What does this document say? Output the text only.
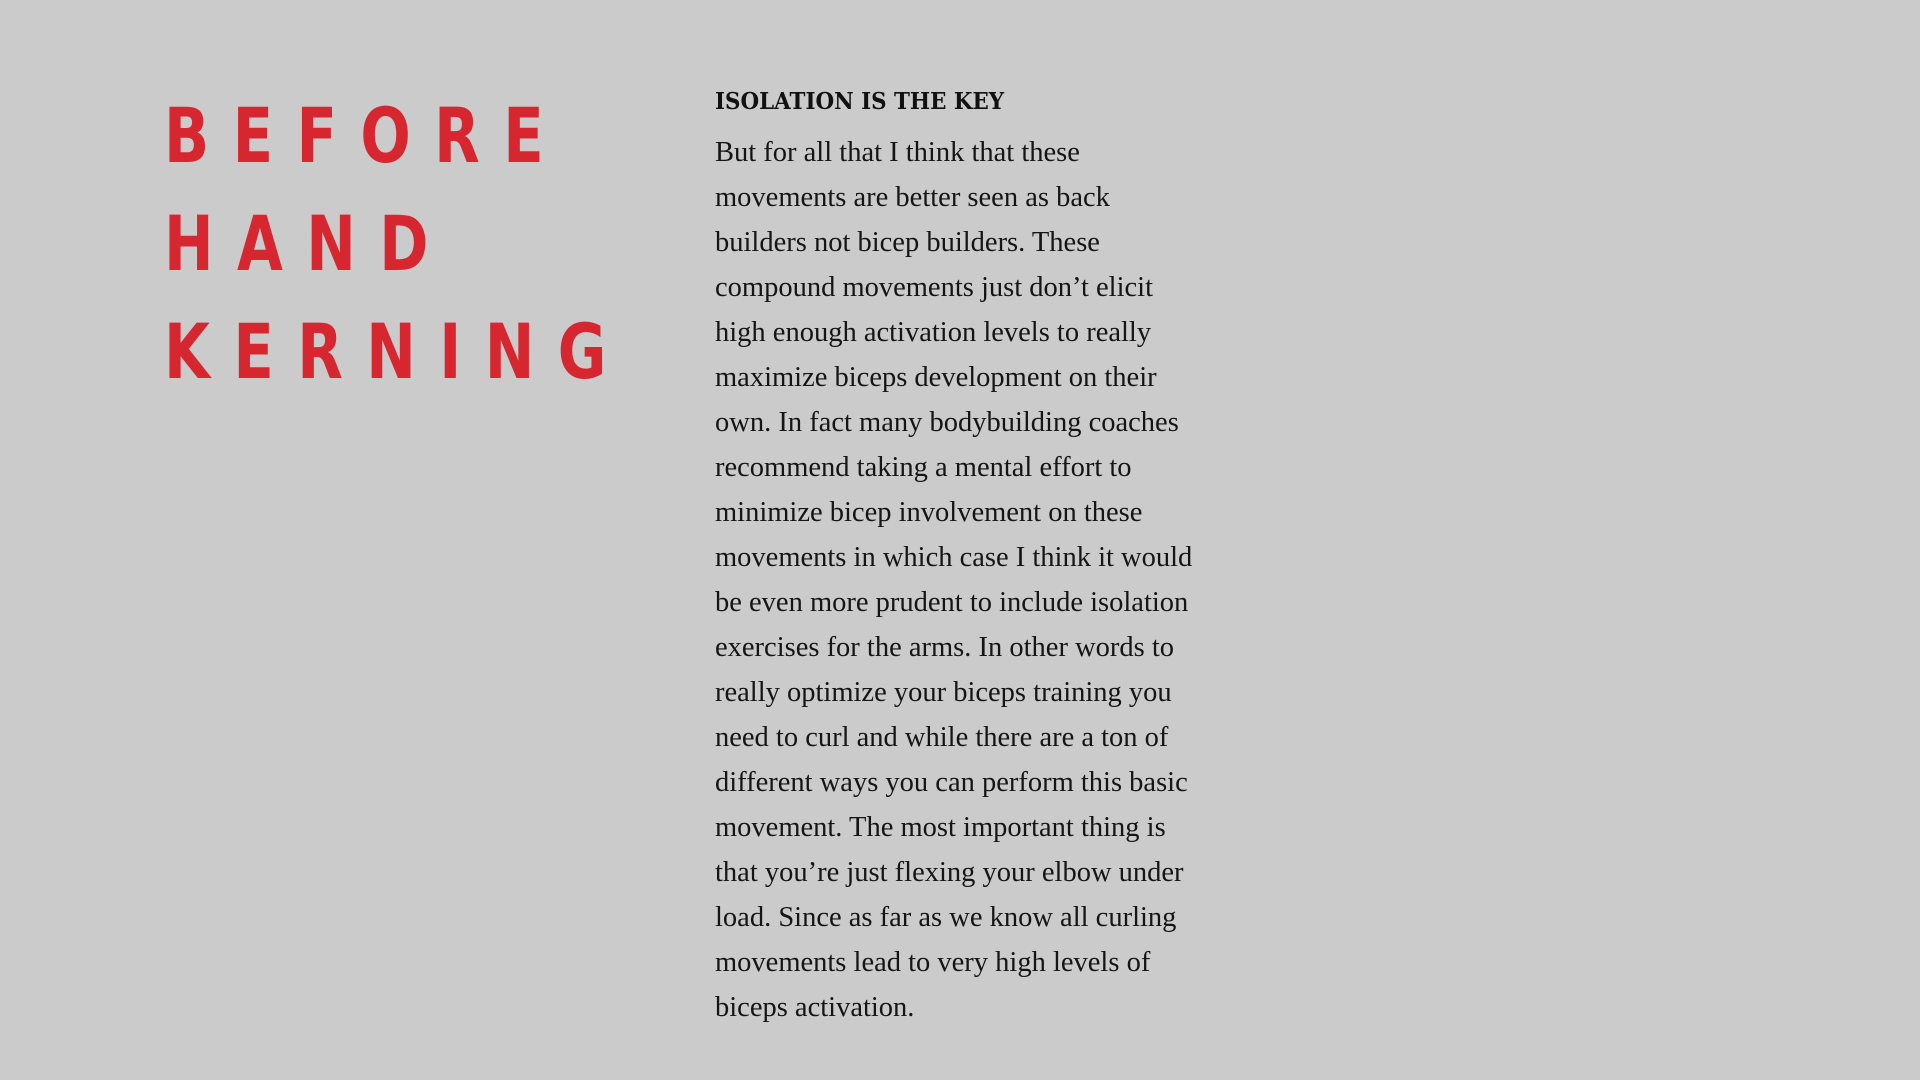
BEFORE
HAND
KERNING
ISOLATION IS THE KEY

But for all that I think that these
movements are better seen as back
builders not bicep builders. These
compound movements just don’t elicit
high enough activation levels to really
maximize biceps development on their
own. In fact many bodybuilding coaches
recommend taking a mental effort to
minimize bicep involvement on these
movements in which case I think it would
be even more prudent to include isolation
exercises for the arms. In other words to
really optimize your biceps training you
need to curl and while there are a ton of
different ways you can perform this basic
movement. The most important thing is
that you’re just flexing your elbow under
load. Since as far as we know all curling
movements lead to very high levels of
biceps activation.
